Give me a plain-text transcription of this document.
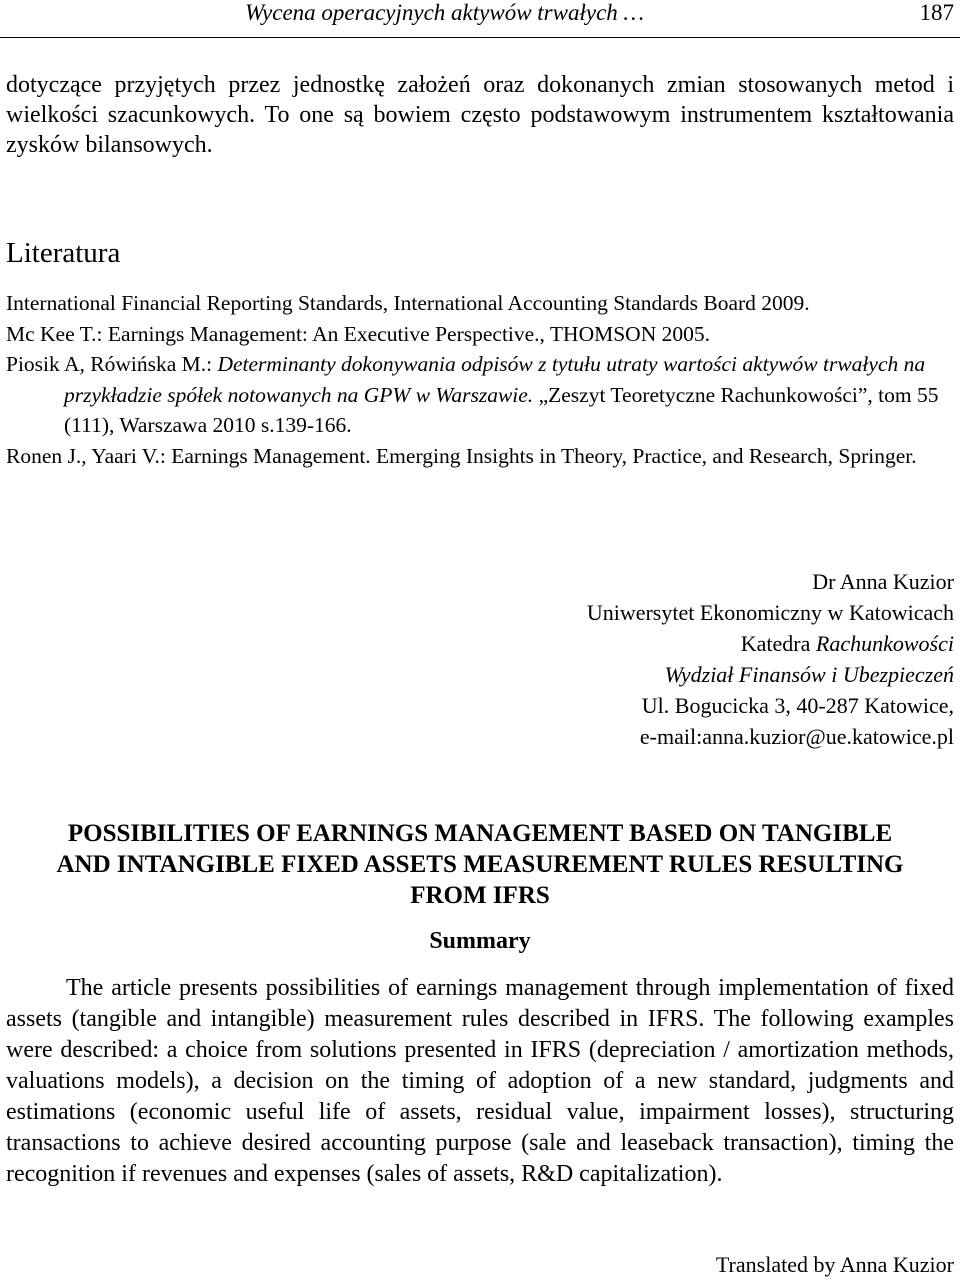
Wycena operacyjnych aktywów trwałych …	187

dotyczące przyjętych przez jednostkę założeń oraz dokonanych zmian stosowanych metod i wielkości szacunkowych. To one są bowiem często podstawowym instrumentem kształtowania zysków bilansowych.

Literatura

International Financial Reporting Standards, International Accounting Standards Board 2009.

Mc Kee T.: Earnings Management: An Executive Perspective., THOMSON 2005.

Piosik A, Rówińska M.: Determinanty dokonywania odpisów z tytułu utraty wartości aktywów trwałych na przykładzie spółek notowanych na GPW w Warszawie. „Zeszyt Teoretyczne Rachunkowości”, tom 55 (111), Warszawa 2010 s.139-166.

Ronen J., Yaari V.: Earnings Management. Emerging Insights in Theory, Practice, and Research, Springer.

Dr Anna Kuzior
Uniwersytet Ekonomiczny w Katowicach
Katedra Rachunkowości
Wydział Finansów i Ubezpieczeń
Ul. Bogucicka 3, 40-287 Katowice,
e-mail:anna.kuzior@ue.katowice.pl
POSSIBILITIES OF EARNINGS MANAGEMENT BASED ON TANGIBLE
AND INTANGIBLE FIXED ASSETS MEASUREMENT RULES RESULTING
FROM IFRS
Summary

The article presents possibilities of earnings management through implementation of fixed assets (tangible and intangible) measurement rules described in IFRS. The following examples were described: a choice from solutions presented in IFRS (depreciation / amortization methods, valuations models), a decision on the timing of adoption of a new standard, judgments and estimations (economic useful life of assets, residual value, impairment losses), structuring transactions to achieve desired accounting purpose (sale and leaseback transaction), timing the recognition if revenues and expenses (sales of assets, R&D capitalization).

Translated by Anna Kuzior
